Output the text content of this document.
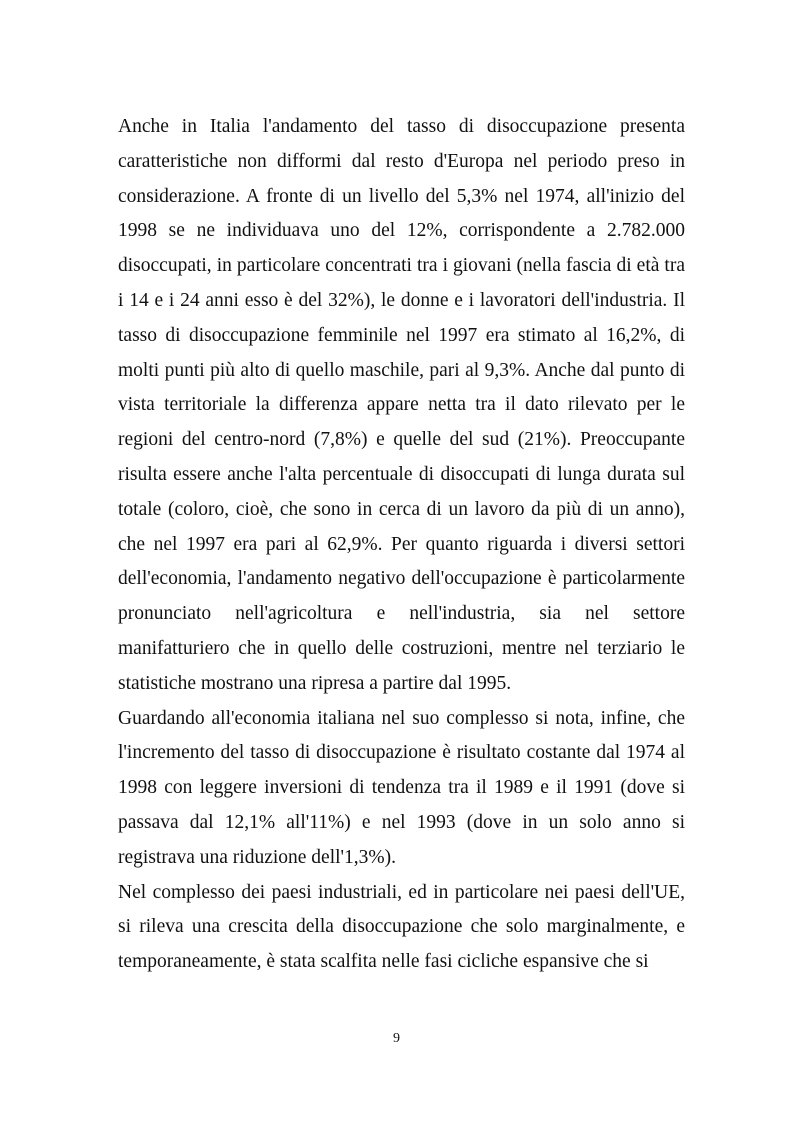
Anche in Italia l'andamento del tasso di disoccupazione presenta caratteristiche non difformi dal resto d'Europa nel periodo preso in considerazione. A fronte di un livello del 5,3% nel 1974, all'inizio del 1998 se ne individuava uno del 12%, corrispondente a 2.782.000 disoccupati, in particolare concentrati tra i giovani (nella fascia di età tra i 14 e i 24 anni esso è del 32%), le donne e i lavoratori dell'industria. Il tasso di disoccupazione femminile nel 1997 era stimato al 16,2%, di molti punti più alto di quello maschile, pari al 9,3%. Anche dal punto di vista territoriale la differenza appare netta tra il dato rilevato per le regioni del centro-nord (7,8%) e quelle del sud (21%). Preoccupante risulta essere anche l'alta percentuale di disoccupati di lunga durata sul totale (coloro, cioè, che sono in cerca di un lavoro da più di un anno), che nel 1997 era pari al 62,9%. Per quanto riguarda i diversi settori dell'economia, l'andamento negativo dell'occupazione è particolarmente pronunciato nell'agricoltura e nell'industria, sia nel settore manifatturiero che in quello delle costruzioni, mentre nel terziario le statistiche mostrano una ripresa a partire dal 1995.

Guardando all'economia italiana nel suo complesso si nota, infine, che l'incremento del tasso di disoccupazione è risultato costante dal 1974 al 1998 con leggere inversioni di tendenza tra il 1989 e il 1991 (dove si passava dal 12,1% all'11%) e nel 1993 (dove in un solo anno si registrava una riduzione dell'1,3%).

Nel complesso dei paesi industriali, ed in particolare nei paesi dell'UE, si rileva una crescita della disoccupazione che solo marginalmente, e temporaneamente, è stata scalfita nelle fasi cicliche espansive che si

9
